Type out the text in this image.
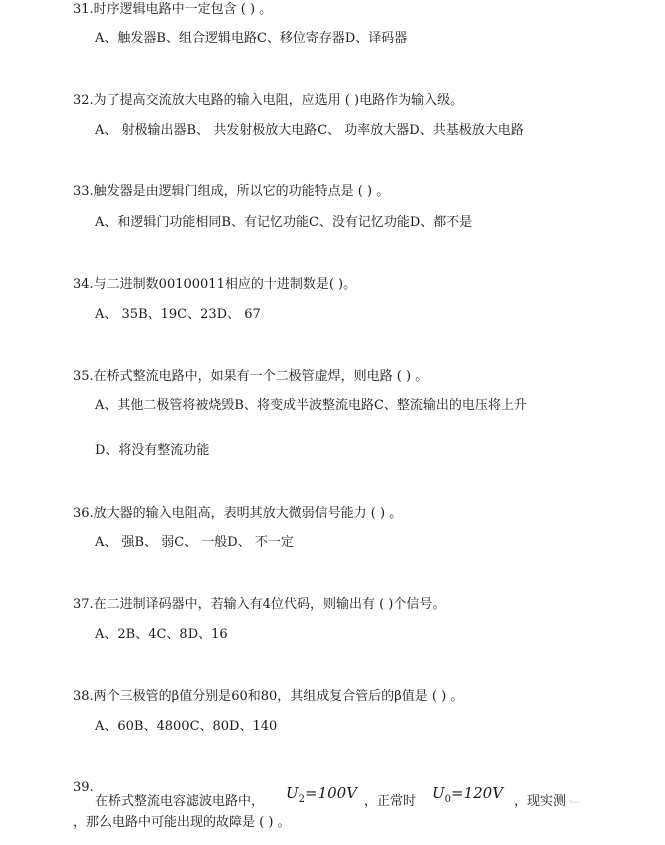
31.时序逻辑电路中一定包含 ( ) 。
A、触发器B、组合逻辑电路C、移位寄存器D、译码器
32.为了提高交流放大电路的输入电阻，应选用 ( )电路作为输入级。
A、 射极输出器B、 共发射极放大电路C、 功率放大器D、共基极放大电路
33.触发器是由逻辑门组成，所以它的功能特点是 ( ) 。
A、和逻辑门功能相同B、有记忆功能C、没有记忆功能D、都不是
34.与二进制数00100011相应的十进制数是( )。
A、 35B、19C、23D、 67
35.在桥式整流电路中，如果有一个二极管虚焊，则电路 ( ) 。
A、其他二极管将被烧毁B、将变成半波整流电路C、整流输出的电压将上升
D、将没有整流功能
36.放大器的输入电阻高，表明其放大微弱信号能力 ( ) 。
A、 强B、 弱C、 一般D、 不一定
37.在二进制译码器中，若输入有4位代码，则输出有 ( )个信号。
A、2B、4C、8D、16
38.两个三极管的β值分别是60和80，其组成复合管后的β值是 ( ) 。
A、60B、4800C、80D、140
39.
在桥式整流电容滤波电路中， $U_2=100V$ ，正常时 $U_0=120V$ ，现实测 U₀=…
，那么电路中可能出现的故障是 ( ) 。
